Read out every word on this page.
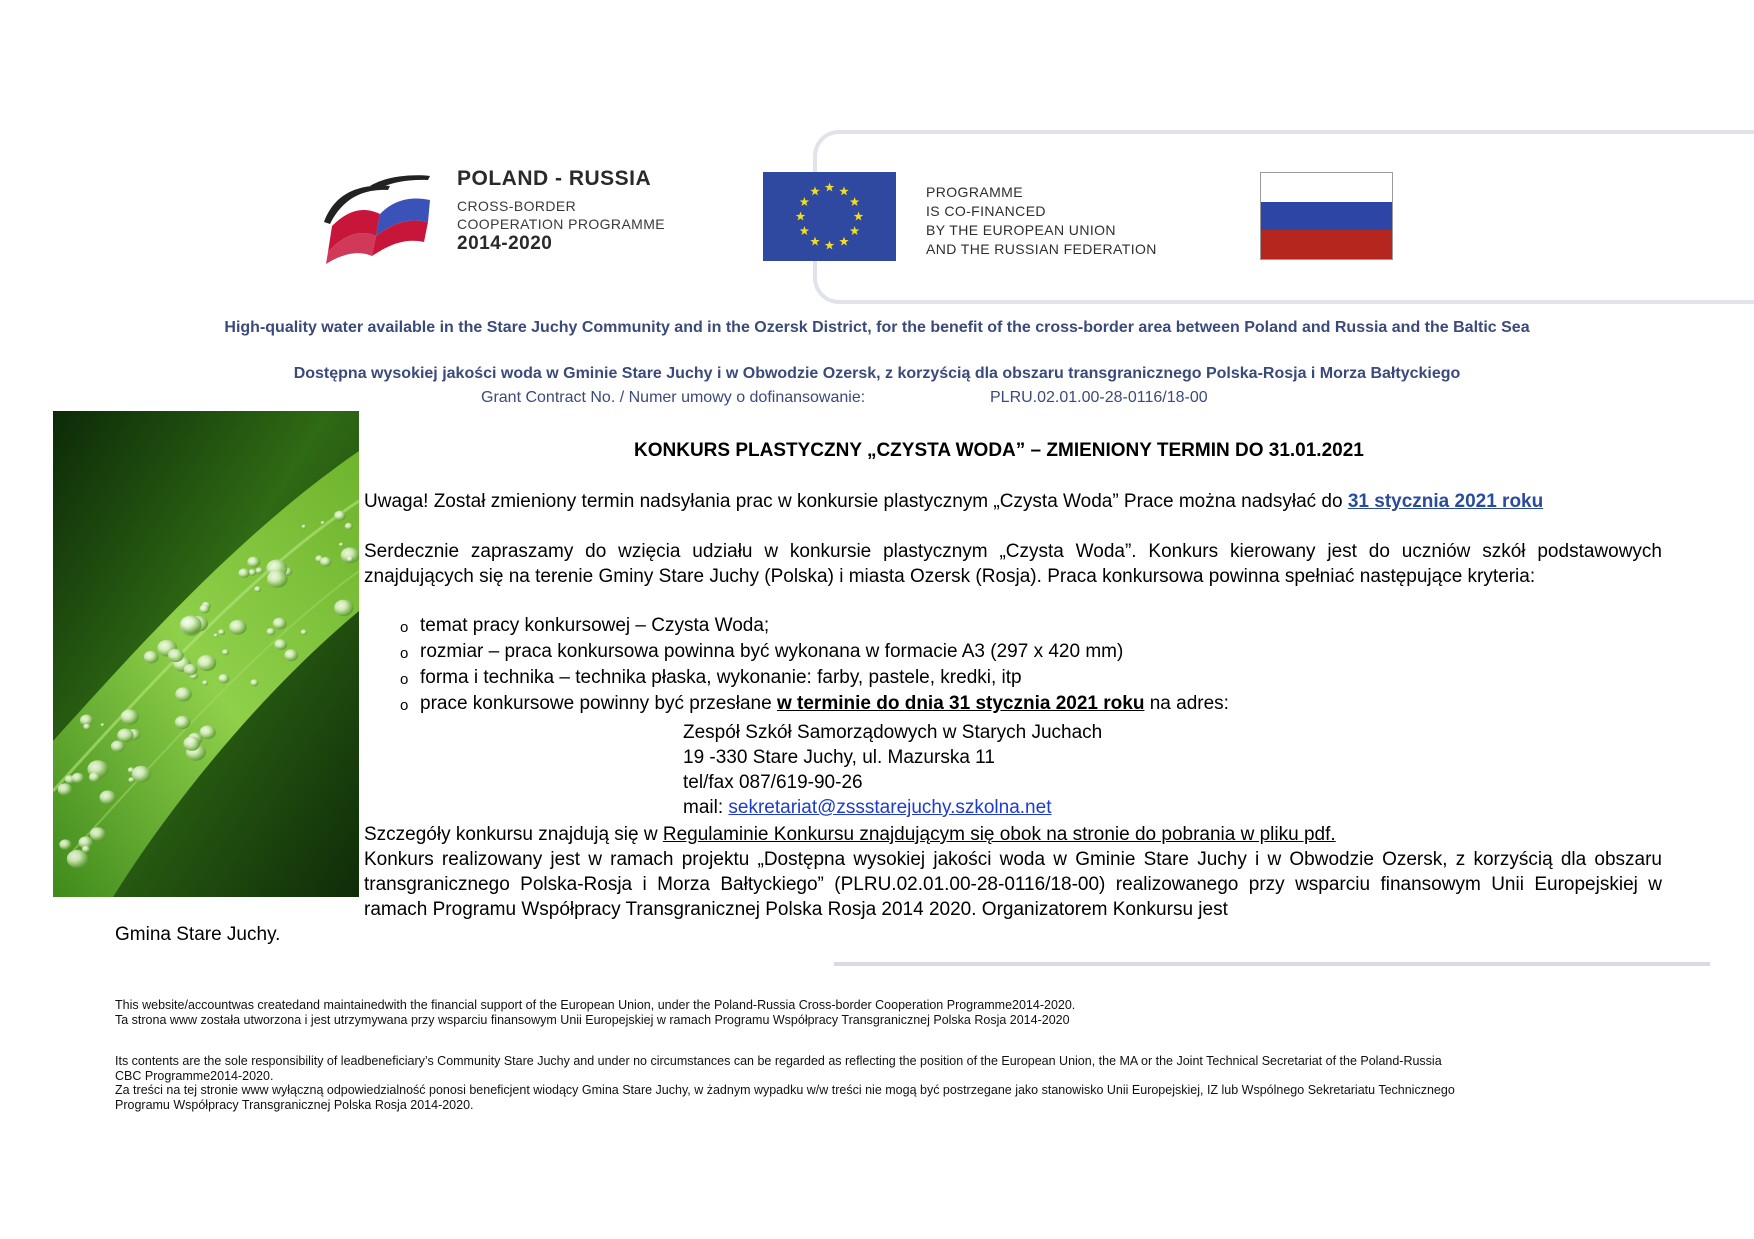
POLAND - RUSSIA
CROSS-BORDER
COOPERATION PROGRAMME
2014-2020
PROGRAMME
IS CO-FINANCED
BY THE EUROPEAN UNION
AND THE RUSSIAN FEDERATION
High-quality water available in the Stare Juchy Community and in the Ozersk District, for the benefit of the cross-border area between Poland and Russia and the Baltic Sea
Dostępna wysokiej jakości woda w Gminie Stare Juchy i w Obwodzie Ozersk, z korzyścią dla obszaru transgranicznego Polska-Rosja i Morza Bałtyckiego
Grant Contract No. / Numer umowy o dofinansowanie:	PLRU.02.01.00-28-0116/18-00
KONKURS PLASTYCZNY „CZYSTA WODA” – ZMIENIONY TERMIN DO 31.01.2021
Uwaga! Został zmieniony termin nadsyłania prac w konkursie plastycznym „Czysta Woda” Prace można nadsyłać do 31 stycznia 2021 roku
Serdecznie zapraszamy do wzięcia udziału w konkursie plastycznym „Czysta Woda”. Konkurs kierowany jest do uczniów szkół podstawowych znajdujących się na terenie Gminy Stare Juchy (Polska) i miasta Ozersk (Rosja). Praca konkursowa powinna spełniać następujące kryteria:
o temat pracy konkursowej – Czysta Woda;
o rozmiar – praca konkursowa powinna być wykonana w formacie A3 (297 x 420 mm)
o forma i technika – technika płaska, wykonanie: farby, pastele, kredki, itp
o prace konkursowe powinny być przesłane w terminie do dnia 31 stycznia 2021 roku na adres:
Zespół Szkół Samorządowych w Starych Juchach
19 -330 Stare Juchy, ul. Mazurska 11
tel/fax 087/619-90-26
mail: sekretariat@zssstarejuchy.szkolna.net
Szczegóły konkursu znajdują się w Regulaminie Konkursu znajdującym się obok na stronie do pobrania w pliku pdf.
Konkurs realizowany jest w ramach projektu „Dostępna wysokiej jakości woda w Gminie Stare Juchy i w Obwodzie Ozersk, z korzyścią dla obszaru transgranicznego Polska-Rosja i Morza Bałtyckiego” (PLRU.02.01.00-28-0116/18-00) realizowanego przy wsparciu finansowym Unii Europejskiej w ramach Programu Współpracy Transgranicznej Polska Rosja 2014 2020. Organizatorem Konkursu jest
Gmina Stare Juchy.
This website/accountwas createdand maintainedwith the financial support of the European Union, under the Poland-Russia Cross-border Cooperation Programme2014-2020.
Ta strona www została utworzona i jest utrzymywana przy wsparciu finansowym Unii Europejskiej w ramach Programu Współpracy Transgranicznej Polska Rosja 2014-2020
Its contents are the sole responsibility of leadbeneficiary’s Community Stare Juchy and under no circumstances can be regarded as reflecting the position of the European Union, the MA or the Joint Technical Secretariat of the Poland-Russia
CBC Programme2014-2020.
Za treści na tej stronie www wyłączną odpowiedzialność ponosi beneficjent wiodący Gmina Stare Juchy, w żadnym wypadku w/w treści nie mogą być postrzegane jako stanowisko Unii Europejskiej, IZ lub Wspólnego Sekretariatu Technicznego
Programu Współpracy Transgranicznej Polska Rosja 2014-2020.
